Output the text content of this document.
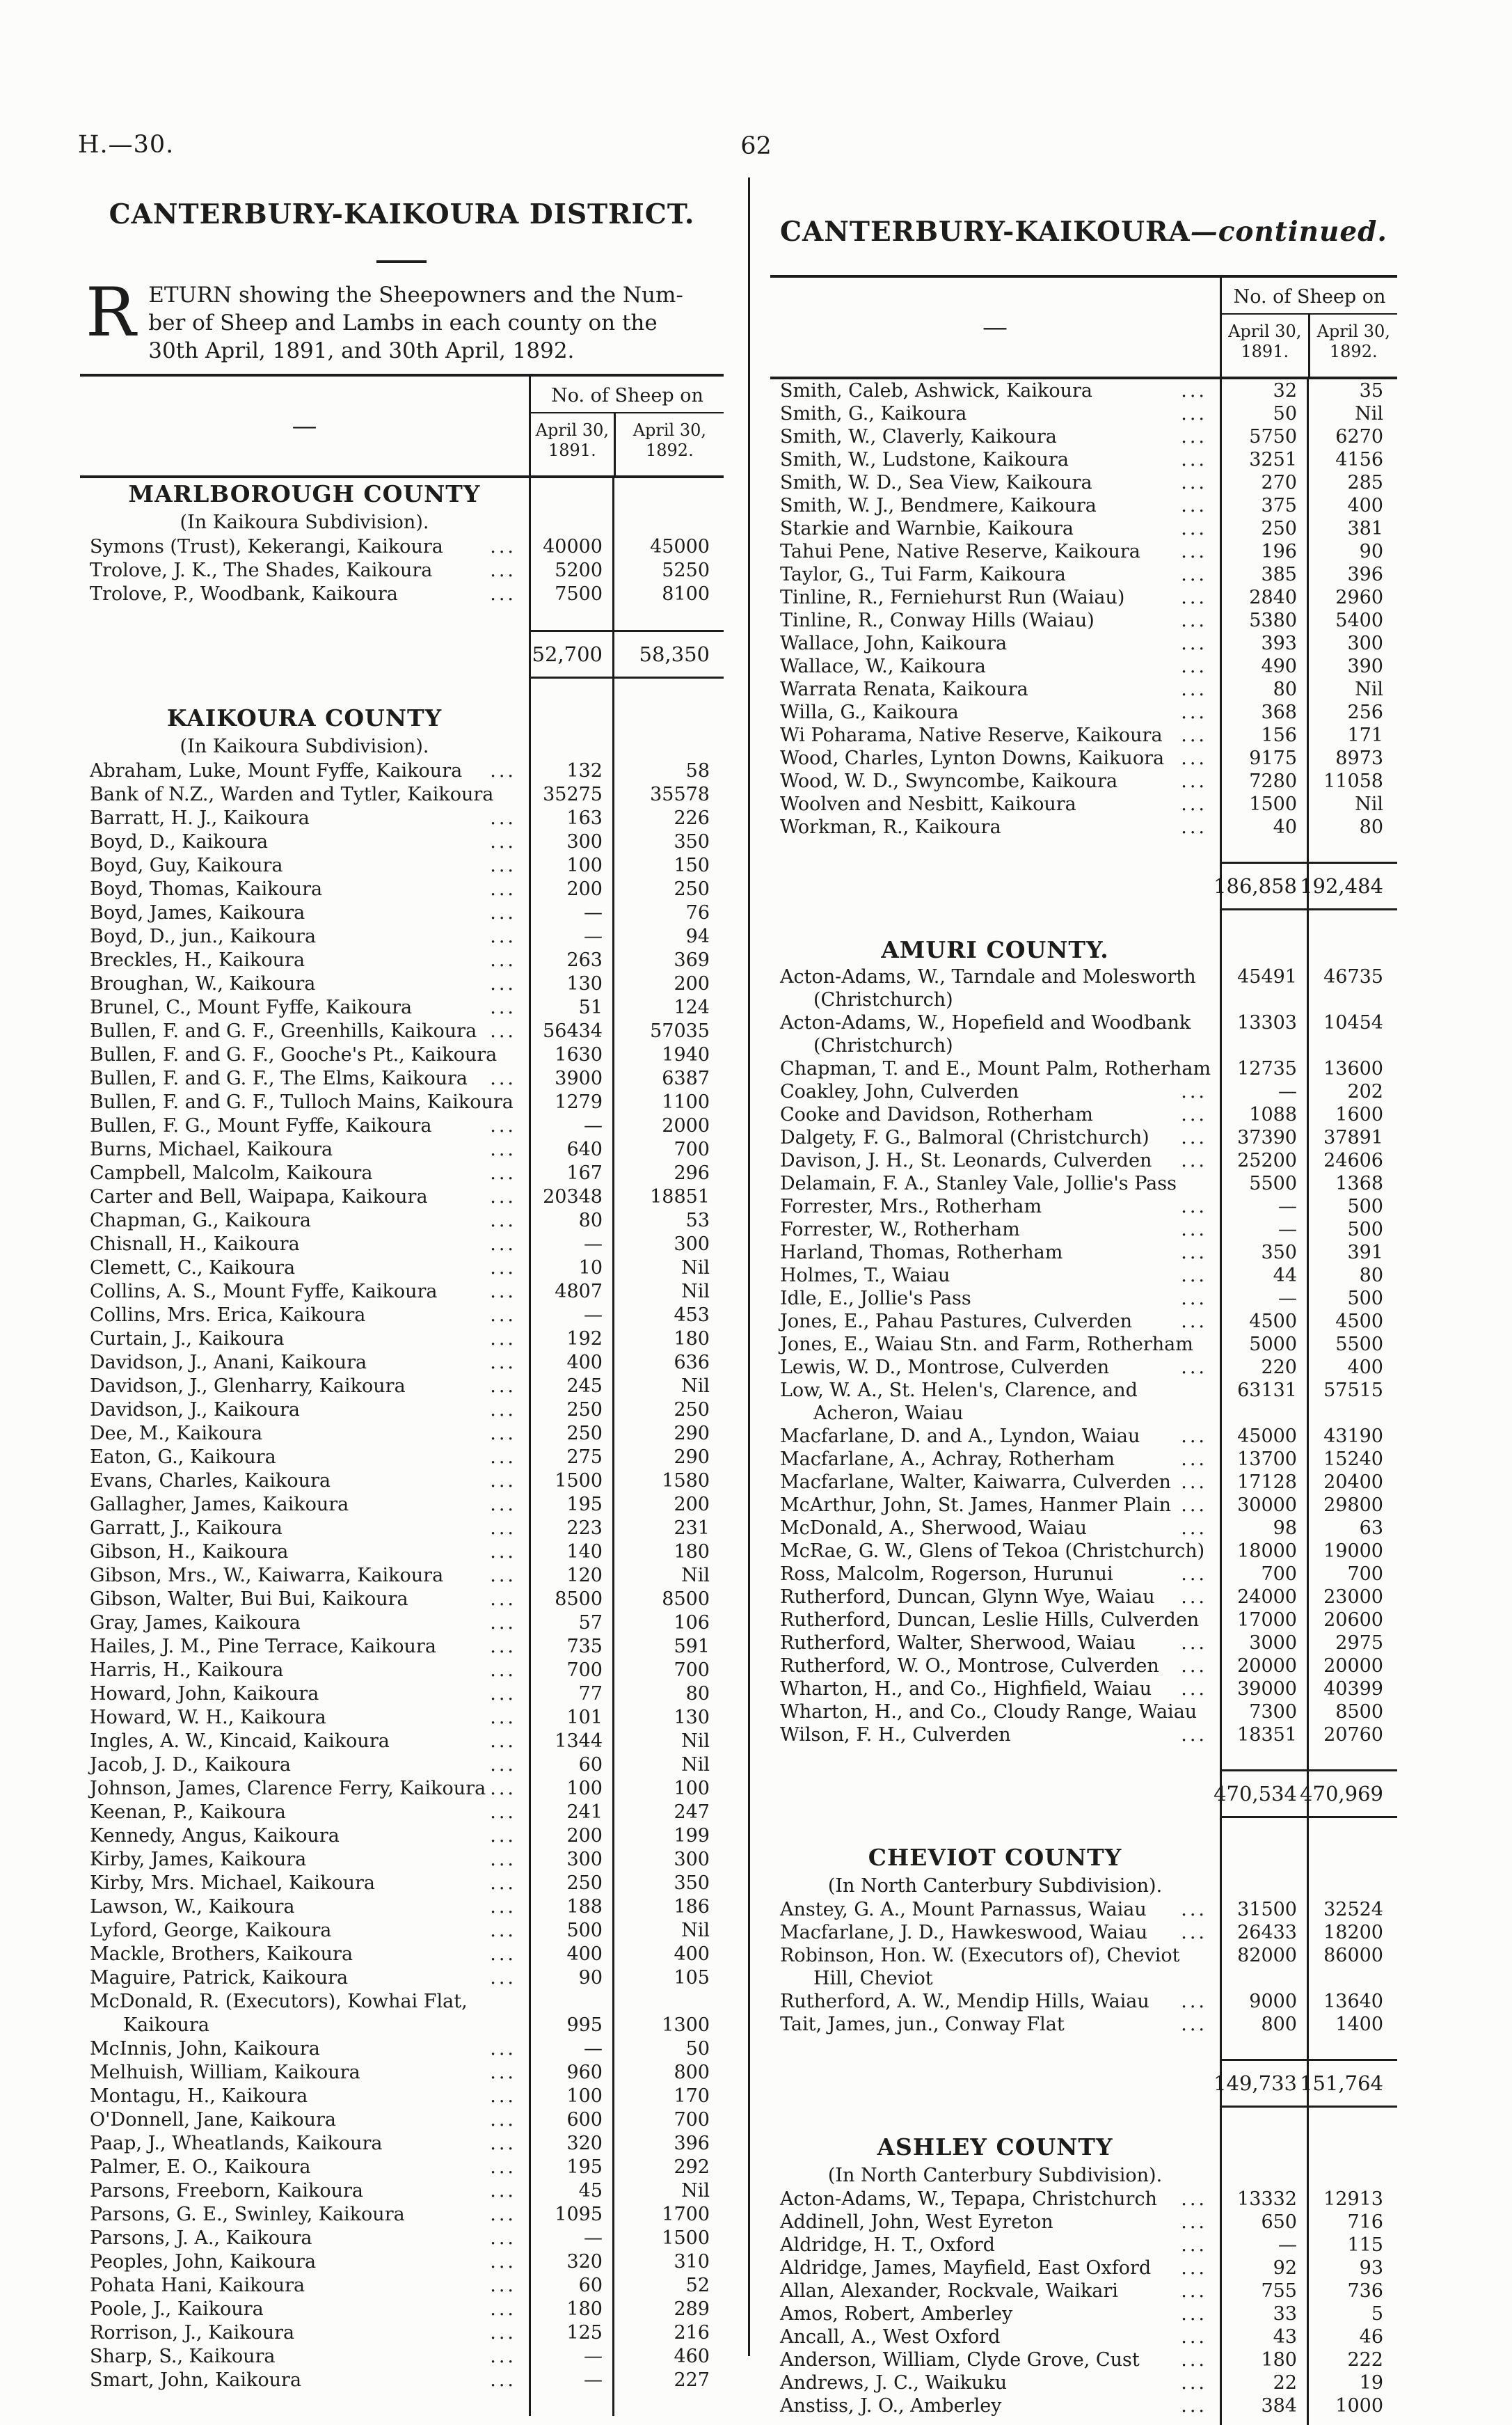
H.—30.	62
CANTERBURY-KAIKOURA DISTRICT.

R ETURN showing the Sheepowners and the Num-
ber of Sheep and Lambs in each county on the
30th April, 1891, and 30th April, 1892.

CANTERBURY-KAIKOURA—continued.
—
No. of Sheep on
April 30, 1891.
April 30, 1892.
MARLBOROUGH COUNTY
(In Kaikoura Subdivision).
Symons (Trust), Kekerangi, Kaikoura ...	40000	45000
Trolove, J. K., The Shades, Kaikoura	...	5200	5250
Trolove, P., Woodbank, Kaikoura	...	7500	8100
52,700	58,350
KAIKOURA COUNTY
(In Kaikoura Subdivision).
Abraham, Luke, Mount Fyffe, Kaikoura ...	132	58
Bank of N.Z., Warden and Tytler, Kaikoura	35275	35578
Barratt, H. J., Kaikoura	...	163	226
Boyd, D., Kaikoura	...	300	350
Boyd, Guy, Kaikoura	...	100	150
Boyd, Thomas, Kaikoura	...	200	250
Boyd, James, Kaikoura	...	—	76
Boyd, D., jun., Kaikoura	...	—	94
Breckles, H., Kaikoura	...	263	369
Broughan, W., Kaikoura	...	130	200
Brunel, C., Mount Fyffe, Kaikoura	...	51	124
Bullen, F. and G. F., Greenhills, Kaikoura ...	56434	57035
Bullen, F. and G. F., Gooche's Pt., Kaikoura	1630	1940
Bullen, F. and G. F., The Elms, Kaikoura ...	3900	6387
Bullen, F. and G. F., Tulloch Mains, Kaikoura	1279	1100
Bullen, F. G., Mount Fyffe, Kaikoura	...	—	2000
Burns, Michael, Kaikoura	...	640	700
Campbell, Malcolm, Kaikoura	...	167	296
Carter and Bell, Waipapa, Kaikoura	...	20348	18851
Chapman, G., Kaikoura	...	80	53
Chisnall, H., Kaikoura	...	—	300
Clemett, C., Kaikoura	...	10	Nil
Collins, A. S., Mount Fyffe, Kaikoura	...	4807	Nil
Collins, Mrs. Erica, Kaikoura	...	—	453
Curtain, J., Kaikoura	...	192	180
Davidson, J., Anani, Kaikoura	...	400	636
Davidson, J., Glenharry, Kaikoura	...	245	Nil
Davidson, J., Kaikoura	...	250	250
Dee, M., Kaikoura	...	250	290
Eaton, G., Kaikoura	...	275	290
Evans, Charles, Kaikoura	...	1500	1580
Gallagher, James, Kaikoura	...	195	200
Garratt, J., Kaikoura	...	223	231
Gibson, H., Kaikoura	...	140	180
Gibson, Mrs., W., Kaiwarra, Kaikoura ...	120	Nil
Gibson, Walter, Bui Bui, Kaikoura	...	8500	8500
Gray, James, Kaikoura	...	57	106
Hailes, J. M., Pine Terrace, Kaikoura	...	735	591
Harris, H., Kaikoura	...	700	700
Howard, John, Kaikoura	...	77	80
Howard, W. H., Kaikoura	...	101	130
Ingles, A. W., Kincaid, Kaikoura	...	1344	Nil
Jacob, J. D., Kaikoura	...	60	Nil
Johnson, James, Clarence Ferry, Kaikoura ...	100	100
Keenan, P., Kaikoura	...	241	247
Kennedy, Angus, Kaikoura	...	200	199
Kirby, James, Kaikoura	...	300	300
Kirby, Mrs. Michael, Kaikoura	...	250	350
Lawson, W., Kaikoura	...	188	186
Lyford, George, Kaikoura	...	500	Nil
Mackle, Brothers, Kaikoura	...	400	400
Maguire, Patrick, Kaikoura	...	90	105
McDonald, R. (Executors), Kowhai Flat,
Kaikoura	995	1300
McInnis, John, Kaikoura	...	—	50
Melhuish, William, Kaikoura	...	960	800
Montagu, H., Kaikoura	...	100	170
O'Donnell, Jane, Kaikoura	...	600	700
Paap, J., Wheatlands, Kaikoura	...	320	396
Palmer, E. O., Kaikoura	...	195	292
Parsons, Freeborn, Kaikoura	...	45	Nil
Parsons, G. E., Swinley, Kaikoura	...	1095	1700
Parsons, J. A., Kaikoura	...	—	1500
Peoples, John, Kaikoura	...	320	310
Pohata Hani, Kaikoura	...	60	52
Poole, J., Kaikoura	...	180	289
Rorrison, J., Kaikoura	...	125	216
Sharp, S., Kaikoura	...	—	460
Smart, John, Kaikoura	...	—	227
—
No. of Sheep on
April 30, 1891.
April 30, 1892.
Smith, Caleb, Ashwick, Kaikoura	...	32	35
Smith, G., Kaikoura	...	50	Nil
Smith, W., Claverly, Kaikoura	...	5750	6270
Smith, W., Ludstone, Kaikoura	...	3251	4156
Smith, W. D., Sea View, Kaikoura	...	270	285
Smith, W. J., Bendmere, Kaikoura	...	375	400
Starkie and Warnbie, Kaikoura	...	250	381
Tahui Pene, Native Reserve, Kaikoura ...	196	90
Taylor, G., Tui Farm, Kaikoura	...	385	396
Tinline, R., Ferniehurst Run (Waiau)	...	2840	2960
Tinline, R., Conway Hills (Waiau)	...	5380	5400
Wallace, John, Kaikoura	...	393	300
Wallace, W., Kaikoura	...	490	390
Warrata Renata, Kaikoura	...	80	Nil
Willa, G., Kaikoura	...	368	256
Wi Poharama, Native Reserve, Kaikoura ...	156	171
Wood, Charles, Lynton Downs, Kaikuora ...	9175	8973
Wood, W. D., Swyncombe, Kaikoura	...	7280	11058
Woolven and Nesbitt, Kaikoura	...	1500	Nil
Workman, R., Kaikoura	...	40	80
186,858 192,484
AMURI COUNTY.
Acton-Adams, W., Tarndale and Molesworth	45491	46735
(Christchurch)
Acton-Adams, W., Hopefield and Woodbank	13303	10454
(Christchurch)
Chapman, T. and E., Mount Palm, Rotherham	12735	13600
Coakley, John, Culverden	...	—	202
Cooke and Davidson, Rotherham	...	1088	1600
Dalgety, F. G., Balmoral (Christchurch) ...	37390	37891
Davison, J. H., St. Leonards, Culverden ...	25200	24606
Delamain, F. A., Stanley Vale, Jollie's Pass	5500	1368
Forrester, Mrs., Rotherham	...	—	500
Forrester, W., Rotherham	...	—	500
Harland, Thomas, Rotherham	...	350	391
Holmes, T., Waiau	...	44	80
Idle, E., Jollie's Pass	...	—	500
Jones, E., Pahau Pastures, Culverden	...	4500	4500
Jones, E., Waiau Stn. and Farm, Rotherham	5000	5500
Lewis, W. D., Montrose, Culverden	...	220	400
Low, W. A., St. Helen's, Clarence, and	63131	57515
Acheron, Waiau
Macfarlane, D. and A., Lyndon, Waiau ...	45000	43190
Macfarlane, A., Achray, Rotherham	...	13700	15240
Macfarlane, Walter, Kaiwarra, Culverden ...	17128	20400
McArthur, John, St. James, Hanmer Plain ...	30000	29800
McDonald, A., Sherwood, Waiau	...	98	63
McRae, G. W., Glens of Tekoa (Christchurch)	18000	19000
Ross, Malcolm, Rogerson, Hurunui	...	700	700
Rutherford, Duncan, Glynn Wye, Waiau ...	24000	23000
Rutherford, Duncan, Leslie Hills, Culverden	17000	20600
Rutherford, Walter, Sherwood, Waiau ...	3000	2975
Rutherford, W. O., Montrose, Culverden ...	20000	20000
Wharton, H., and Co., Highfield, Waiau ...	39000	40399
Wharton, H., and Co., Cloudy Range, Waiau	7300	8500
Wilson, F. H., Culverden	...	18351	20760
470,534 470,969
CHEVIOT COUNTY
(In North Canterbury Subdivision).
Anstey, G. A., Mount Parnassus, Waiau ...	31500	32524
Macfarlane, J. D., Hawkeswood, Waiau ...	26433	18200
Robinson, Hon. W. (Executors of), Cheviot	82000	86000
Hill, Cheviot
Rutherford, A. W., Mendip Hills, Waiau ...	9000	13640
Tait, James, jun., Conway Flat	...	800	1400
149,733 151,764
ASHLEY COUNTY
(In North Canterbury Subdivision).
Acton-Adams, W., Tepapa, Christchurch ...	13332	12913
Addinell, John, West Eyreton	...	650	716
Aldridge, H. T., Oxford	...	—	115
Aldridge, James, Mayfield, East Oxford ...	92	93
Allan, Alexander, Rockvale, Waikari	...	755	736
Amos, Robert, Amberley	...	33	5
Ancall, A., West Oxford	...	43	46
Anderson, William, Clyde Grove, Cust ...	180	222
Andrews, J. C., Waikuku	...	22	19
Anstiss, J. O., Amberley	...	384	1000
